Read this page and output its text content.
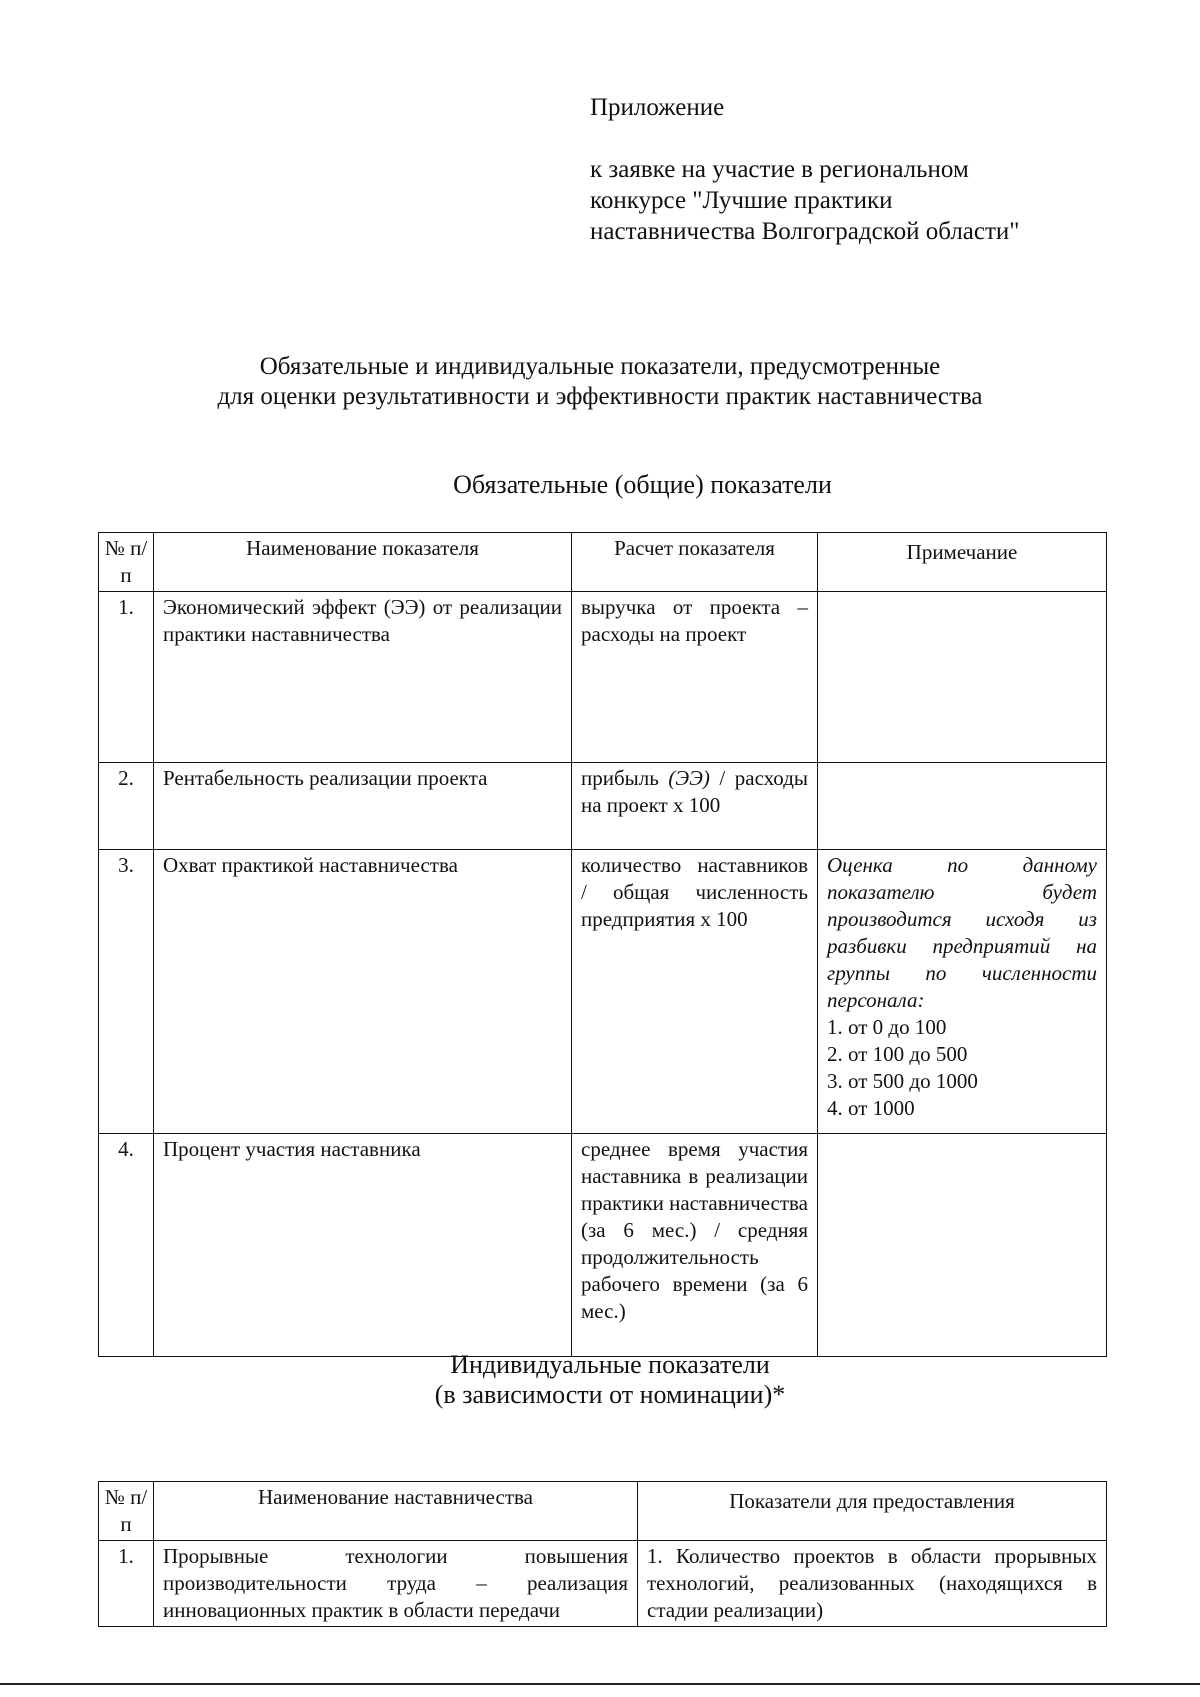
Приложение
к заявке на участие в региональном
конкурсе "Лучшие практики
наставничества Волгоградской области"
Обязательные и индивидуальные показатели, предусмотренные
для оценки результативности и эффективности практик наставничества
Обязательные (общие) показатели
№ п/п	Наименование показателя	Расчет показателя	Примечание
1.	Экономический эффект (ЭЭ) от реализации практики наставничества	выручка от проекта – расходы на проект	
2.	Рентабельность реализации проекта	прибыль (ЭЭ) / расходы на проект х 100	
3.	Охват практикой наставничества	количество наставников / общая численность предприятия х 100	Оценка по данному показателю будет производится исходя из разбивки предприятий на группы по численности персонала:
1. от 0 до 100
2. от 100 до 500
3. от 500 до 1000
4. от 1000

4.	Процент участия наставника	среднее время участия наставника в реализации практики наставничества (за 6 мес.) / средняя продолжительность рабочего времени (за 6 мес.)	
Индивидуальные показатели
(в зависимости от номинации)*
№ п/п	Наименование наставничества	Показатели для предоставления
1.	Прорывные технологии повышения производительности труда – реализация инновационных практик в области передачи	1. Количество проектов в области прорывных технологий, реализованных (находящихся в стадии реализации)
